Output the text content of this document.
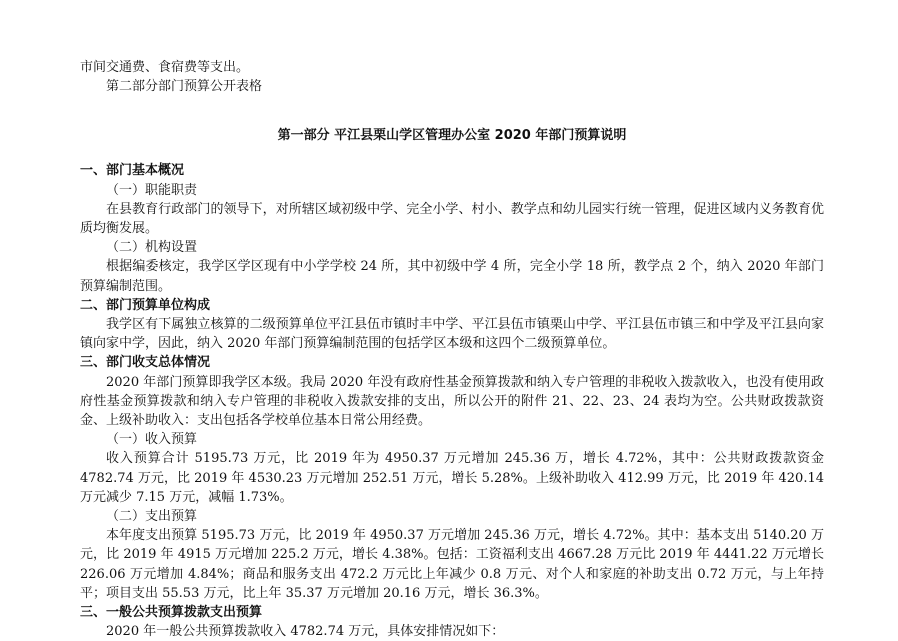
市间交通费、食宿费等支出。

第二部分部门预算公开表格

第一部分 平江县栗山学区管理办公室 2020 年部门预算说明

一、部门基本概况

（一）职能职责

在县教育行政部门的领导下，对所辖区域初级中学、完全小学、村小、教学点和幼儿园实行统一管理，促进区域内义务教育优质均衡发展。

（二）机构设置

根据编委核定，我学区学区现有中小学学校 24 所，其中初级中学 4 所，完全小学 18 所，教学点 2 个，纳入 2020 年部门预算编制范围。

二、部门预算单位构成

我学区有下属独立核算的二级预算单位平江县伍市镇时丰中学、平江县伍市镇栗山中学、平江县伍市镇三和中学及平江县向家镇向家中学，因此，纳入 2020 年部门预算编制范围的包括学区本级和这四个二级预算单位。

三、部门收支总体情况

2020 年部门预算即我学区本级。我局 2020 年没有政府性基金预算拨款和纳入专户管理的非税收入拨款收入，也没有使用政府性基金预算拨款和纳入专户管理的非税收入拨款安排的支出，所以公开的附件 21、22、23、24 表均为空。公共财政拨款资金、上级补助收入：支出包括各学校单位基本日常公用经费。

（一）收入预算

收入预算合计 5195.73 万元，比 2019 年为 4950.37 万元增加 245.36 万，增长 4.72%，其中：公共财政拨款资金 4782.74 万元，比 2019 年 4530.23 万元增加 252.51 万元，增长 5.28%。上级补助收入 412.99 万元，比 2019 年 420.14 万元减少 7.15 万元，减幅 1.73%。

（二）支出预算

本年度支出预算 5195.73 万元，比 2019 年 4950.37 万元增加 245.36 万元，增长 4.72%。其中：基本支出 5140.20 万元，比 2019 年 4915 万元增加 225.2 万元，增长 4.38%。包括：工资福利支出 4667.28 万元比 2019 年 4441.22 万元增长 226.06 万元增加 4.84%；商品和服务支出 472.2 万元比上年减少 0.8 万元、对个人和家庭的补助支出 0.72 万元，与上年持平；项目支出 55.53 万元，比上年 35.37 万元增加 20.16 万元，增长 36.3%。

三、一般公共预算拨款支出预算

2020 年一般公共预算拨款收入 4782.74 万元，具体安排情况如下：
